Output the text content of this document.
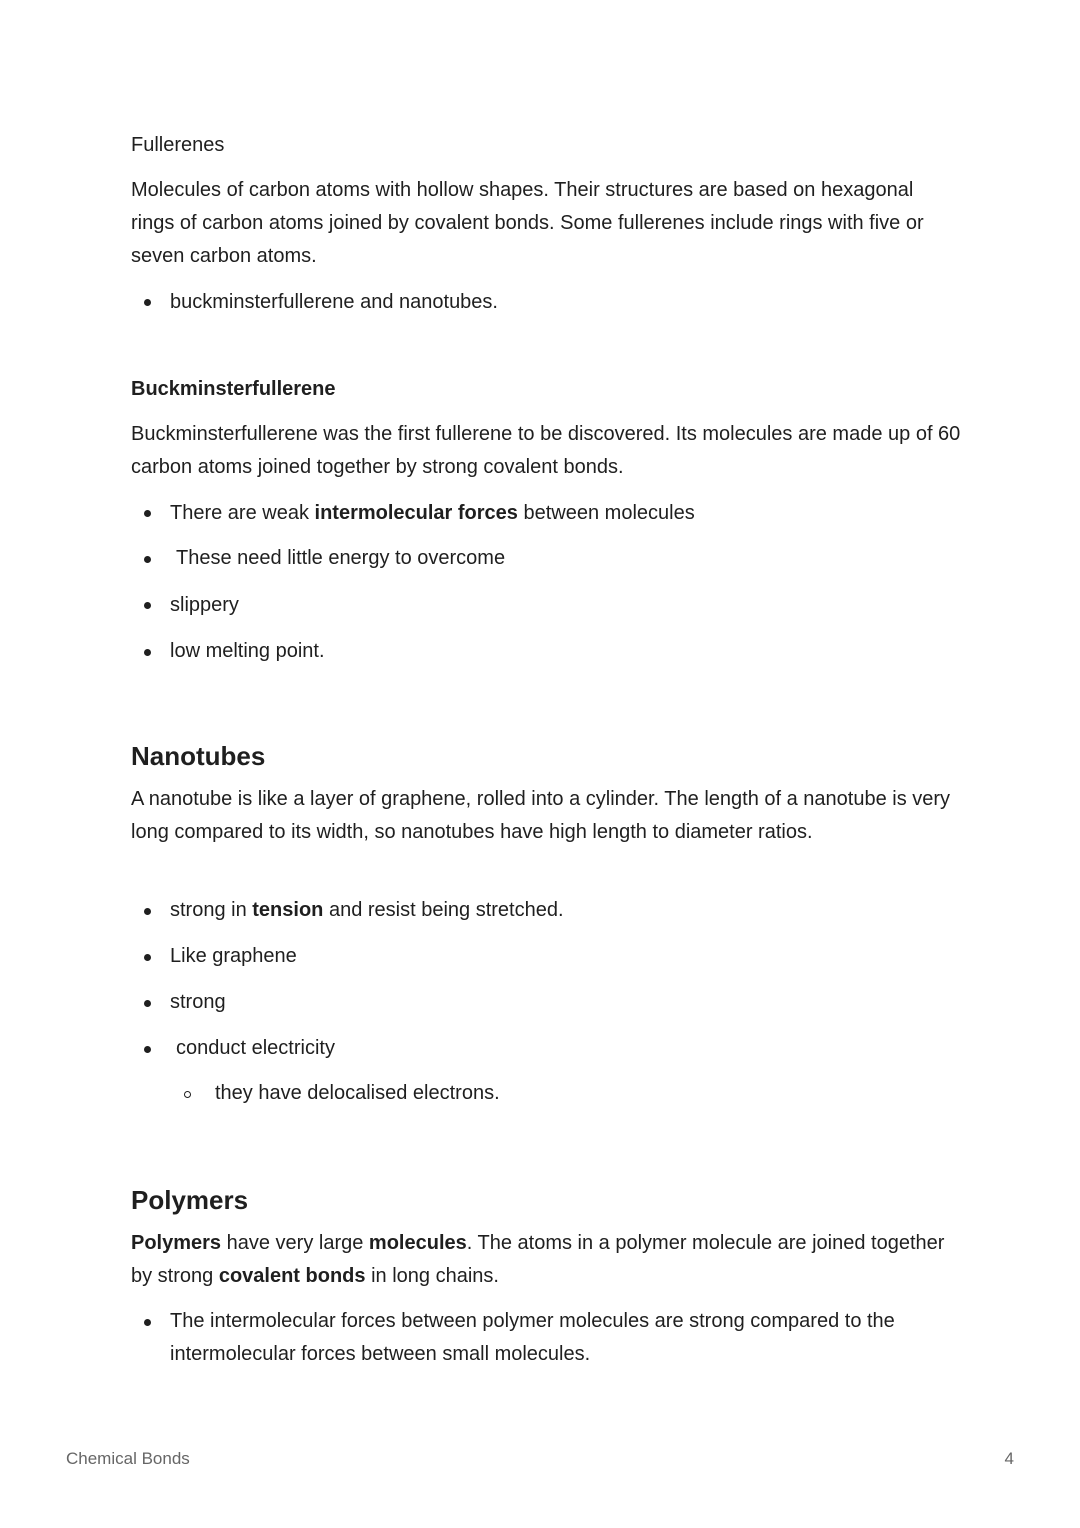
Fullerenes

Molecules of carbon atoms with hollow shapes. Their structures are based on hexagonal rings of carbon atoms joined by covalent bonds. Some fullerenes include rings with five or seven carbon atoms.

buckminsterfullerene and nanotubes.

Buckminsterfullerene

Buckminsterfullerene was the first fullerene to be discovered. Its molecules are made up of 60 carbon atoms joined together by strong covalent bonds.

There are weak intermolecular forces between molecules

These need little energy to overcome

slippery

low melting point.

Nanotubes

A nanotube is like a layer of graphene, rolled into a cylinder. The length of a nanotube is very long compared to its width, so nanotubes have high length to diameter ratios.

strong in tension and resist being stretched.

Like graphene

strong

conduct electricity

they have delocalised electrons.

Polymers

Polymers have very large molecules. The atoms in a polymer molecule are joined together by strong covalent bonds in long chains.

The intermolecular forces between polymer molecules are strong compared to the intermolecular forces between small molecules.

Chemical Bonds	4
